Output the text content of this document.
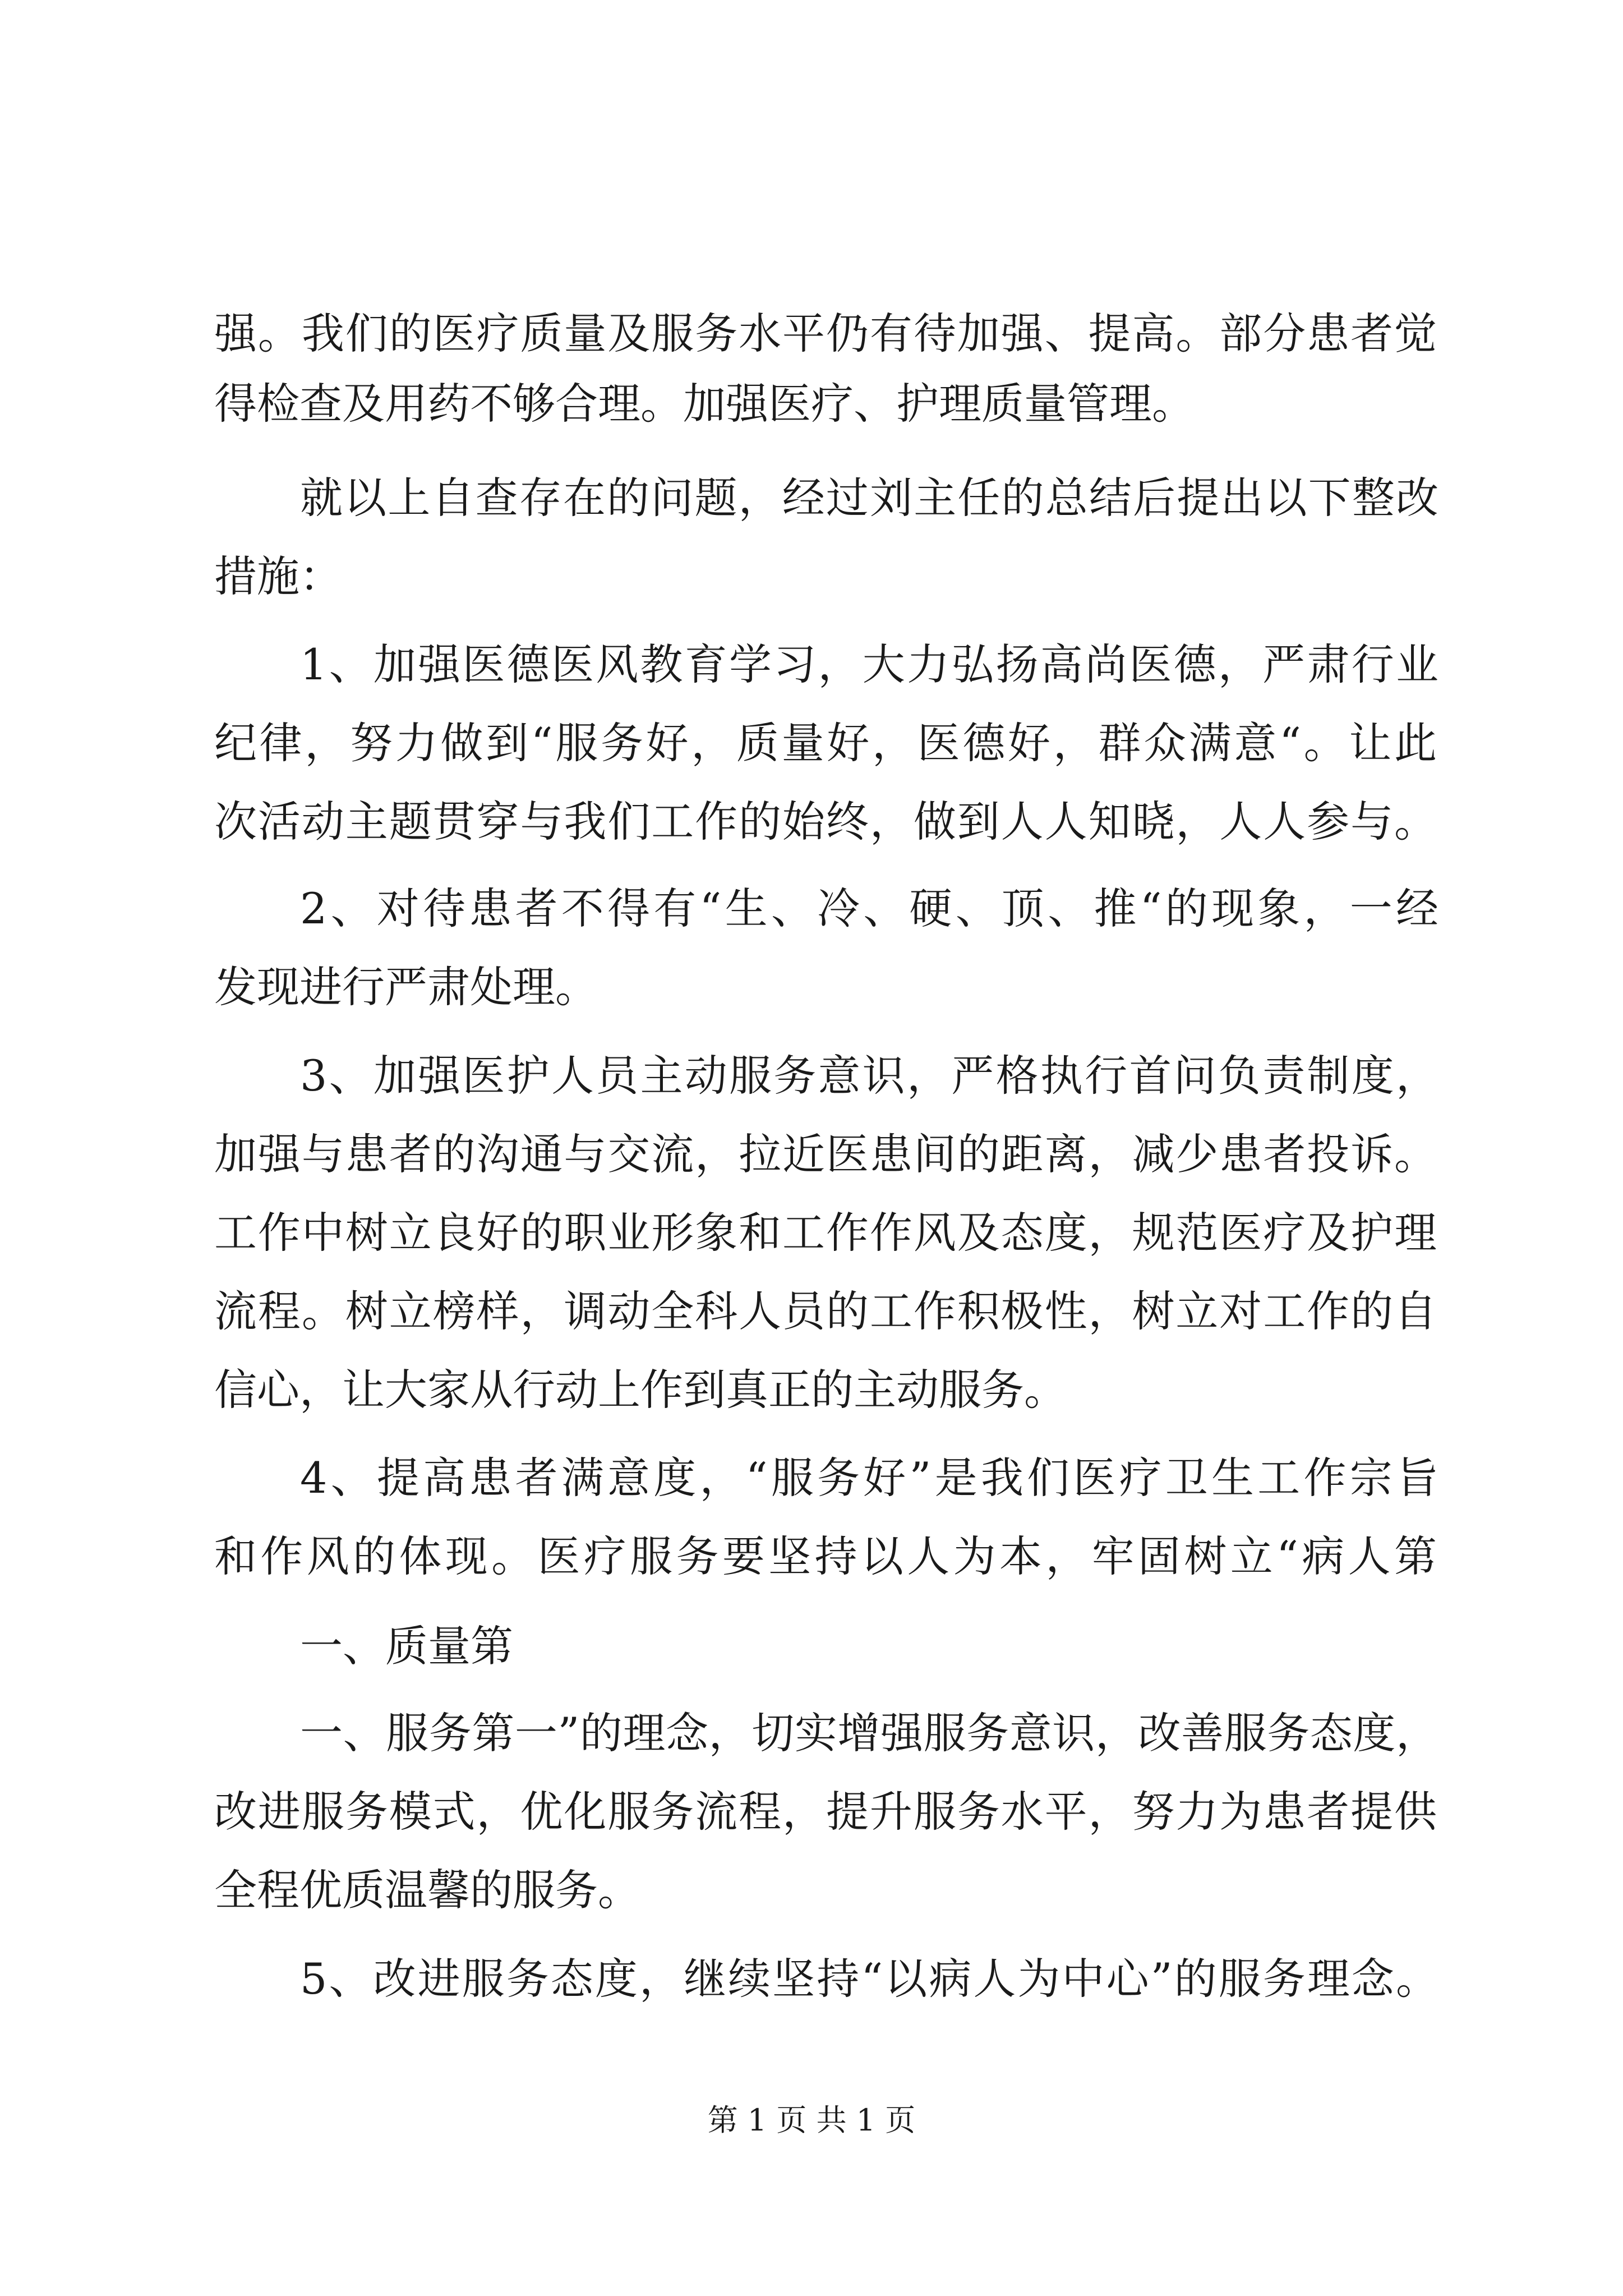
强。我们的医疗质量及服务水平仍有待加强、提高。部分患者觉

得检查及用药不够合理。加强医疗、护理质量管理。

就以上自查存在的问题，经过刘主任的总结后提出以下整改

措施：

1、加强医德医风教育学习，大力弘扬高尚医德，严肃行业

纪律，努力做到“服务好，质量好，医德好，群众满意“。让此

次活动主题贯穿与我们工作的始终，做到人人知晓，人人参与。

2、对待患者不得有“生、冷、硬、顶、推“的现象，一经

发现进行严肃处理。

3、加强医护人员主动服务意识，严格执行首问负责制度，

加强与患者的沟通与交流，拉近医患间的距离，减少患者投诉。

工作中树立良好的职业形象和工作作风及态度，规范医疗及护理

流程。树立榜样，调动全科人员的工作积极性，树立对工作的自

信心，让大家从行动上作到真正的主动服务。

4、提高患者满意度，“服务好”是我们医疗卫生工作宗旨

和作风的体现。医疗服务要坚持以人为本，牢固树立“病人第

一、质量第

一、服务第一”的理念，切实增强服务意识，改善服务态度，

改进服务模式，优化服务流程，提升服务水平，努力为患者提供

全程优质温馨的服务。

5、改进服务态度，继续坚持“以病人为中心”的服务理念。

第 1 页 共 1 页
